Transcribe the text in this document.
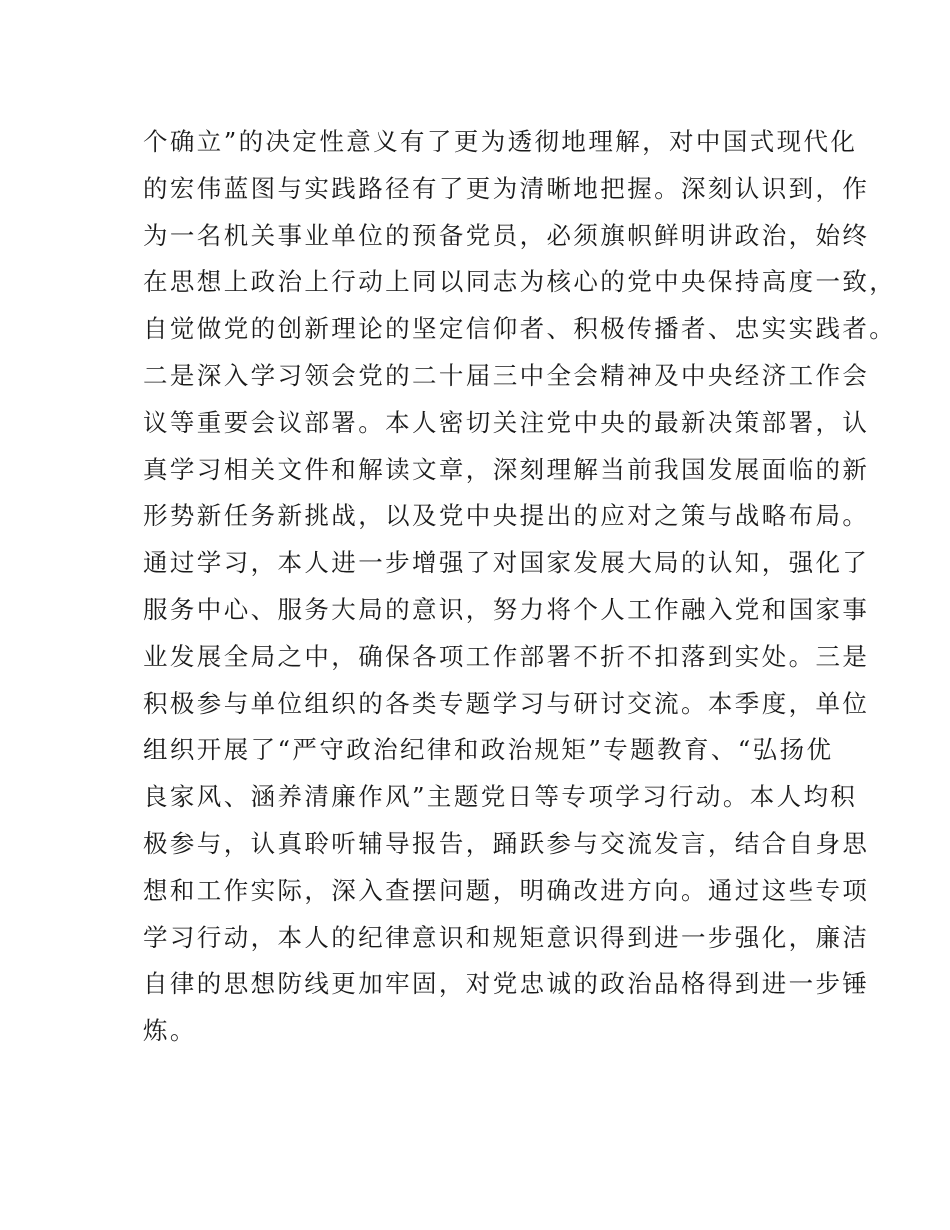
个确立”的决定性意义有了更为透彻地理解，对中国式现代化
的宏伟蓝图与实践路径有了更为清晰地把握。深刻认识到，作
为一名机关事业单位的预备党员，必须旗帜鲜明讲政治，始终
在思想上政治上行动上同以同志为核心的党中央保持高度一致，
自觉做党的创新理论的坚定信仰者、积极传播者、忠实实践者。
二是深入学习领会党的二十届三中全会精神及中央经济工作会
议等重要会议部署。本人密切关注党中央的最新决策部署，认
真学习相关文件和解读文章，深刻理解当前我国发展面临的新
形势新任务新挑战，以及党中央提出的应对之策与战略布局。
通过学习，本人进一步增强了对国家发展大局的认知，强化了
服务中心、服务大局的意识，努力将个人工作融入党和国家事
业发展全局之中，确保各项工作部署不折不扣落到实处。三是
积极参与单位组织的各类专题学习与研讨交流。本季度，单位
组织开展了“严守政治纪律和政治规矩”专题教育、“弘扬优
良家风、涵养清廉作风”主题党日等专项学习行动。本人均积
极参与，认真聆听辅导报告，踊跃参与交流发言，结合自身思
想和工作实际，深入查摆问题，明确改进方向。通过这些专项
学习行动，本人的纪律意识和规矩意识得到进一步强化，廉洁
自律的思想防线更加牢固，对党忠诚的政治品格得到进一步锤
炼。
